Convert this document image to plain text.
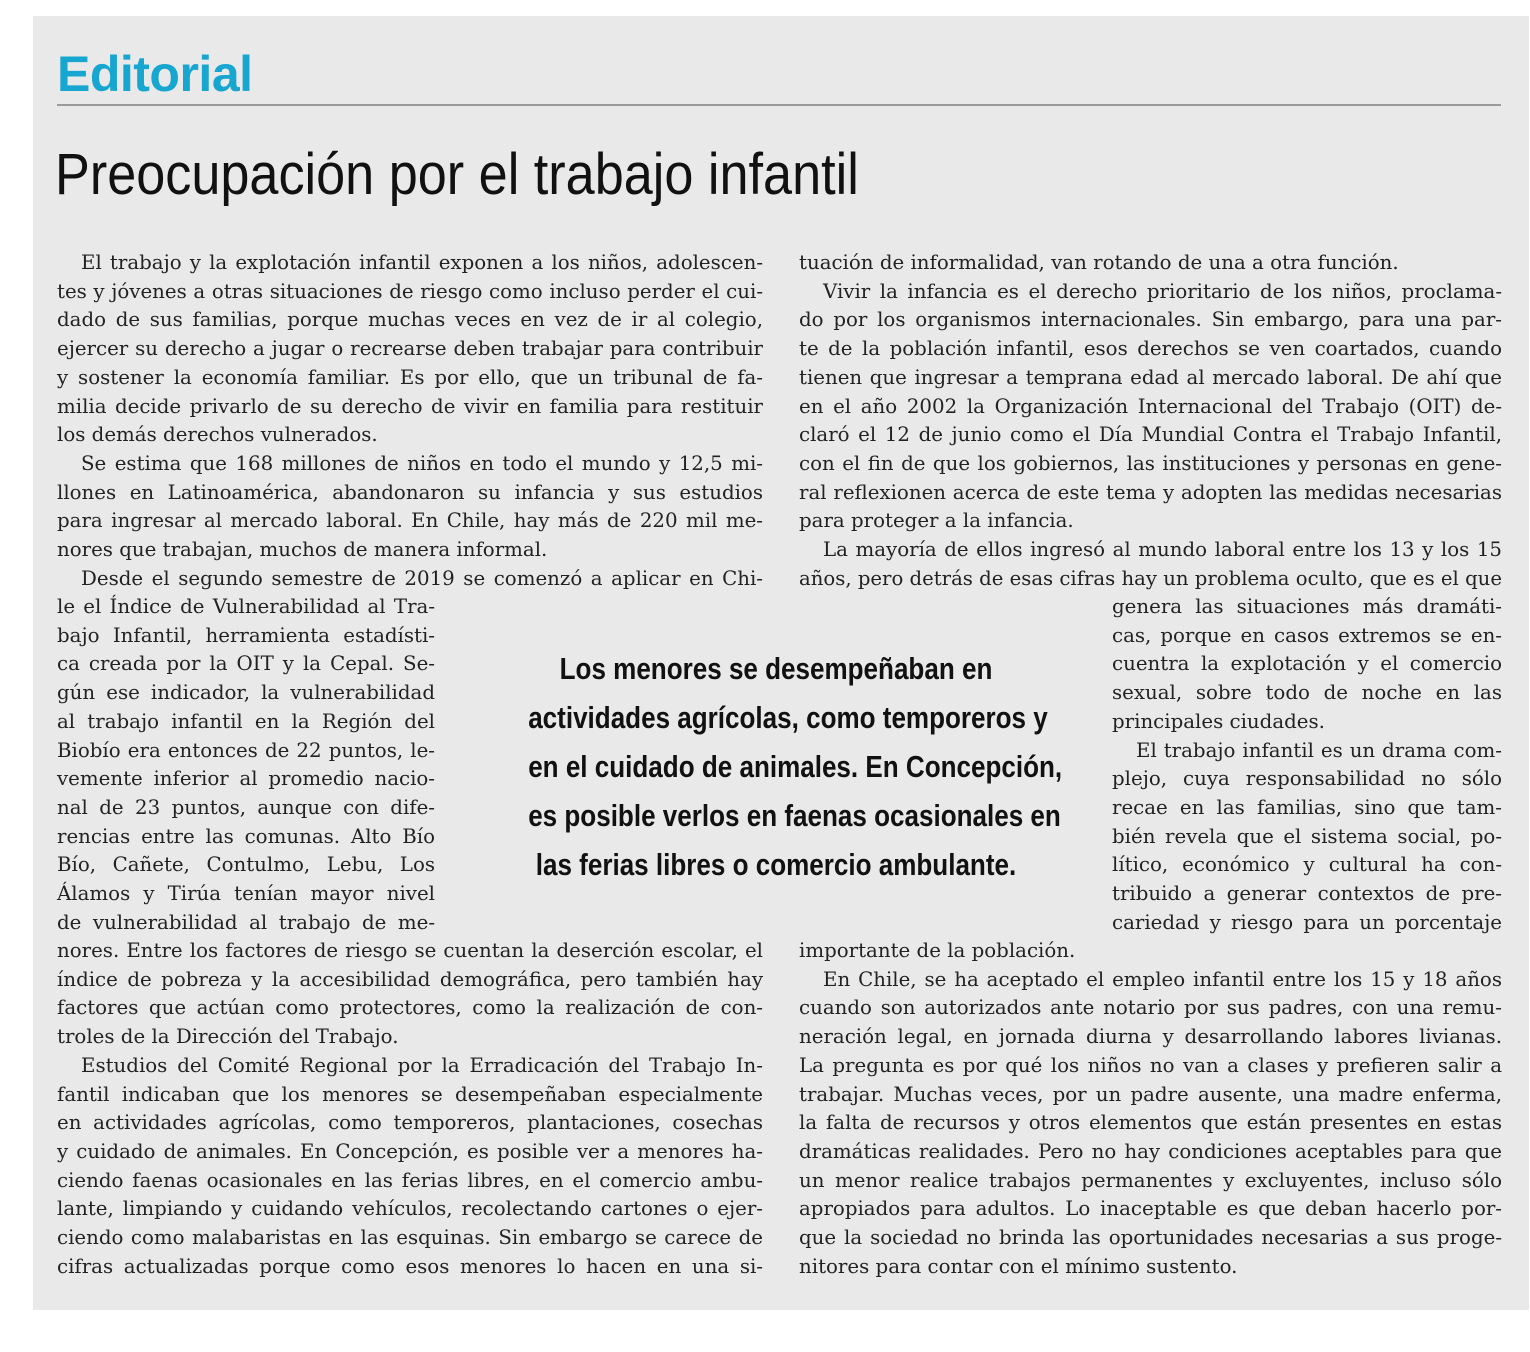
Editorial
Preocupación por el trabajo infantil
El trabajo y la explotación infantil exponen a los niños, adolescen-
tes y jóvenes a otras situaciones de riesgo como incluso perder el cui-
dado de sus familias, porque muchas veces en vez de ir al colegio,
ejercer su derecho a jugar o recrearse deben trabajar para contribuir
y sostener la economía familiar. Es por ello, que un tribunal de fa-
milia decide privarlo de su derecho de vivir en familia para restituir
los demás derechos vulnerados.
Se estima que 168 millones de niños en todo el mundo y 12,5 mi-
llones en Latinoamérica, abandonaron su infancia y sus estudios
para ingresar al mercado laboral. En Chile, hay más de 220 mil me-
nores que trabajan, muchos de manera informal.
Desde el segundo semestre de 2019 se comenzó a aplicar en Chi-
le el Índice de Vulnerabilidad al Tra-
bajo Infantil, herramienta estadísti-
ca creada por la OIT y la Cepal. Se-
gún ese indicador, la vulnerabilidad
al trabajo infantil en la Región del
Biobío era entonces de 22 puntos, le-
vemente inferior al promedio nacio-
nal de 23 puntos, aunque con dife-
rencias entre las comunas. Alto Bío
Bío, Cañete, Contulmo, Lebu, Los
Álamos y Tirúa tenían mayor nivel
de vulnerabilidad al trabajo de me-
nores. Entre los factores de riesgo se cuentan la deserción escolar, el
índice de pobreza y la accesibilidad demográfica, pero también hay
factores que actúan como protectores, como la realización de con-
troles de la Dirección del Trabajo.
Estudios del Comité Regional por la Erradicación del Trabajo In-
fantil indicaban que los menores se desempeñaban especialmente
en actividades agrícolas, como temporeros, plantaciones, cosechas
y cuidado de animales. En Concepción, es posible ver a menores ha-
ciendo faenas ocasionales en las ferias libres, en el comercio ambu-
lante, limpiando y cuidando vehículos, recolectando cartones o ejer-
ciendo como malabaristas en las esquinas. Sin embargo se carece de
cifras actualizadas porque como esos menores lo hacen en una si-
tuación de informalidad, van rotando de una a otra función.
Vivir la infancia es el derecho prioritario de los niños, proclama-
do por los organismos internacionales. Sin embargo, para una par-
te de la población infantil, esos derechos se ven coartados, cuando
tienen que ingresar a temprana edad al mercado laboral. De ahí que
en el año 2002 la Organización Internacional del Trabajo (OIT) de-
claró el 12 de junio como el Día Mundial Contra el Trabajo Infantil,
con el fin de que los gobiernos, las instituciones y personas en gene-
ral reflexionen acerca de este tema y adopten las medidas necesarias
para proteger a la infancia.
La mayoría de ellos ingresó al mundo laboral entre los 13 y los 15
años, pero detrás de esas cifras hay un problema oculto, que es el que
genera las situaciones más dramáti-
cas, porque en casos extremos se en-
cuentra la explotación y el comercio
sexual, sobre todo de noche en las
principales ciudades.
El trabajo infantil es un drama com-
plejo, cuya responsabilidad no sólo
recae en las familias, sino que tam-
bién revela que el sistema social, po-
lítico, económico y cultural ha con-
tribuido a generar contextos de pre-
cariedad y riesgo para un porcentaje
importante de la población.
En Chile, se ha aceptado el empleo infantil entre los 15 y 18 años
cuando son autorizados ante notario por sus padres, con una remu-
neración legal, en jornada diurna y desarrollando labores livianas.
La pregunta es por qué los niños no van a clases y prefieren salir a
trabajar. Muchas veces, por un padre ausente, una madre enferma,
la falta de recursos y otros elementos que están presentes en estas
dramáticas realidades. Pero no hay condiciones aceptables para que
un menor realice trabajos permanentes y excluyentes, incluso sólo
apropiados para adultos. Lo inaceptable es que deban hacerlo por-
que la sociedad no brinda las oportunidades necesarias a sus proge-
nitores para contar con el mínimo sustento.
Los menores se desempeñaban en
actividades agrícolas, como temporeros y
en el cuidado de animales. En Concepción,
es posible verlos en faenas ocasionales en
las ferias libres o comercio ambulante.
